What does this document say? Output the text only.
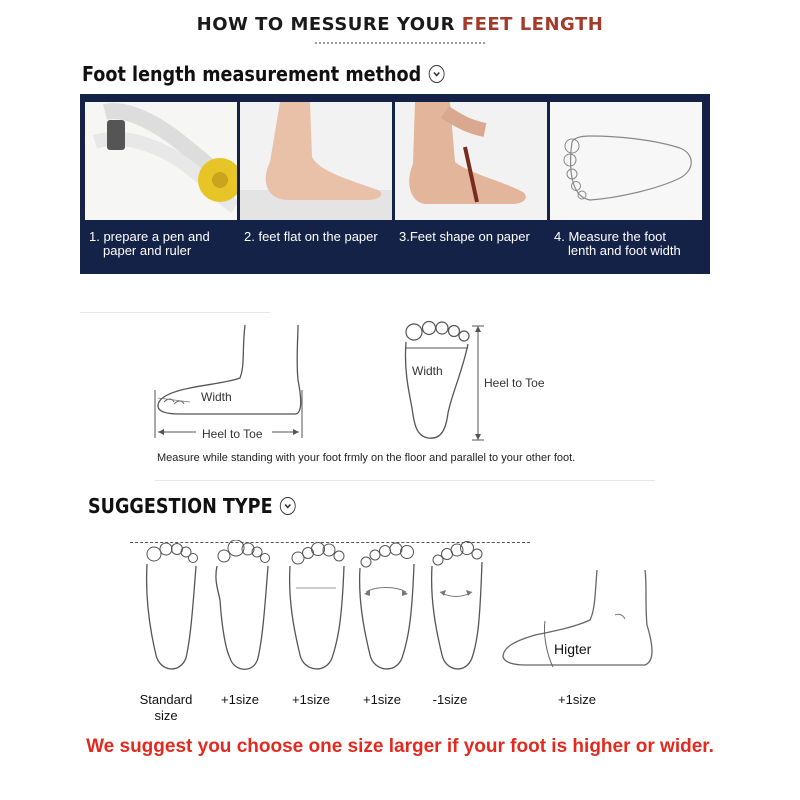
HOW TO MESSURE YOUR FEET LENGTH
Foot length measurement method
1. prepare a pen and
paper and ruler
2. feet flat on the paper	3.Feet shape on paper	4. Measure the foot
lenth and foot width
Width
Heel to Toe
Width
Heel to Toe
Measure while standing with your foot frmly on the floor and parallel to your other foot.
SUGGESTION TYPE
Higter
Standard
size
+1size	+1size	+1size	-1size	+1size
We suggest you choose one size larger if your foot is higher or wider.
